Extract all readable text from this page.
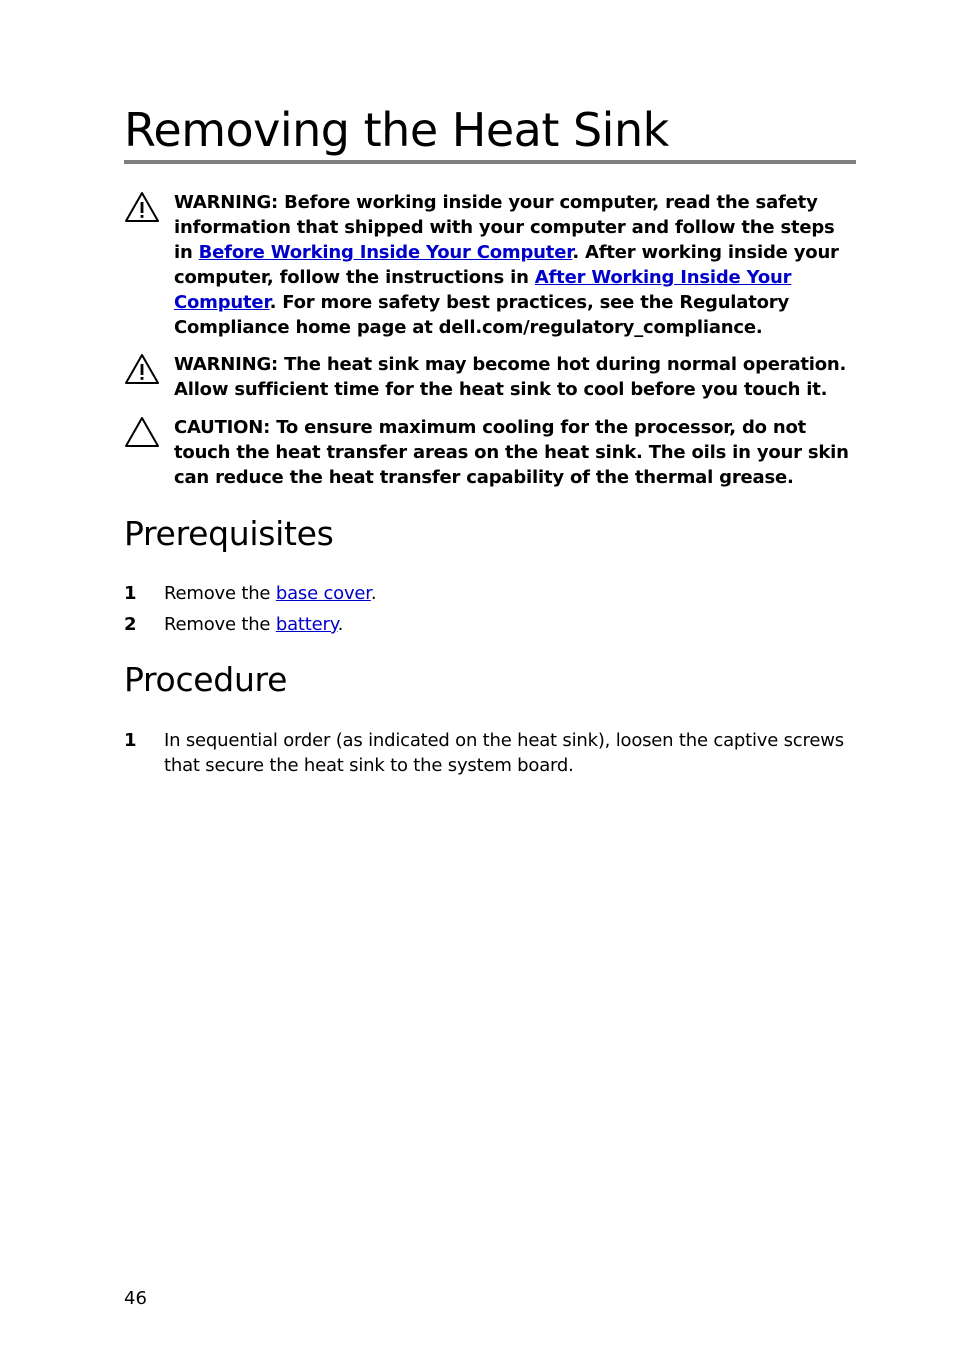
Removing the Heat Sink
WARNING: Before working inside your computer, read the safety information that shipped with your computer and follow the steps in Before Working Inside Your Computer. After working inside your computer, follow the instructions in After Working Inside Your Computer. For more safety best practices, see the Regulatory Compliance home page at dell.com/regulatory_compliance.
WARNING: The heat sink may become hot during normal operation. Allow sufficient time for the heat sink to cool before you touch it.
CAUTION: To ensure maximum cooling for the processor, do not touch the heat transfer areas on the heat sink. The oils in your skin can reduce the heat transfer capability of the thermal grease.
Prerequisites
1 Remove the base cover.
2 Remove the battery.
Procedure
1 In sequential order (as indicated on the heat sink), loosen the captive screws that secure the heat sink to the system board.
46
